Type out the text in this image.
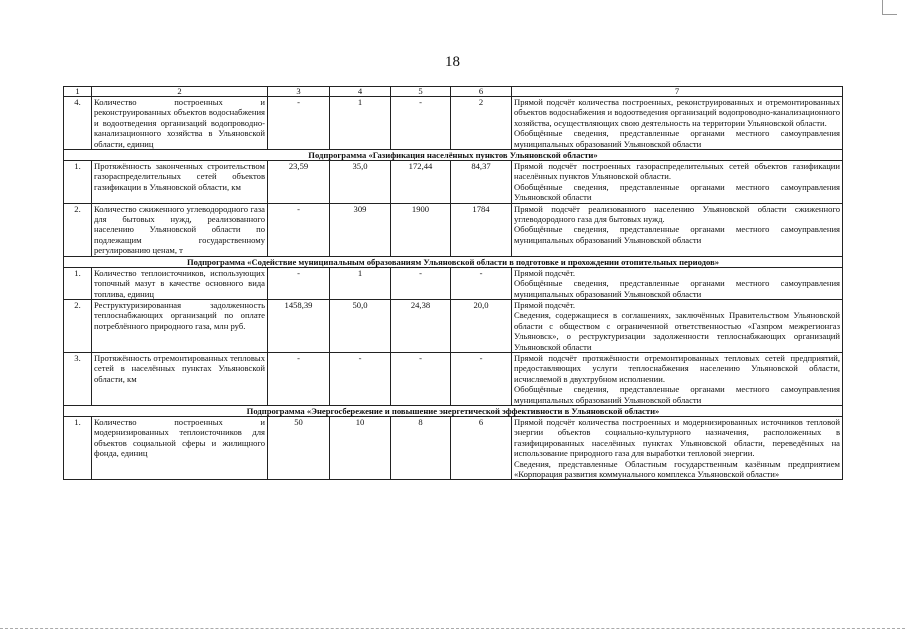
18
1	2	3	4	5	6	7
4.	Количество построенных и реконструированных объектов водоснабжения и водоотведения организаций водопроводно-канализационного хозяйства в Ульяновской области, единиц	-	1	-	2	Прямой подсчёт количества построенных, реконструированных и отремонтированных объектов водоснабжения и водоотведения организаций водопроводно-канализационного хозяйства, осуществляющих свою деятельность на территории Ульяновской области.
Обобщённые сведения, представленные органами местного самоуправления муниципальных образований Ульяновской области

Подпрограмма «Газификация населённых пунктов Ульяновской области»						
1.	Протяжённость законченных строительством газораспределительных сетей объектов газификации в Ульяновской области, км	23,59	35,0	172,44	84,37	Прямой подсчёт построенных газораспределительных сетей объектов газификации населённых пунктов Ульяновской области.
Обобщённые сведения, представленные органами местного самоуправления Ульяновской области

2.	Количество сжиженного углеводородного газа для бытовых нужд, реализованного населению Ульяновской области по подлежащим государственному регулированию ценам, т	-	309	1900	1784	Прямой подсчёт реализованного населению Ульяновской области сжиженного углеводородного газа для бытовых нужд.
Обобщённые сведения, представленные органами местного самоуправления муниципальных образований Ульяновской области

Подпрограмма «Содействие муниципальным образованиям Ульяновской области в подготовке и прохождении отопительных периодов»						
1.	Количество теплоисточников, использующих топочный мазут в качестве основного вида топлива, единиц	-	1	-	-	Прямой подсчёт.
Обобщённые сведения, представленные органами местного самоуправления муниципальных образований Ульяновской области

2.	Реструктуризированная задолженность теплоснабжающих организаций по оплате потреблённого природного газа, млн руб.	1458,39	50,0	24,38	20,0	Прямой подсчёт.
Сведения, содержащиеся в соглашениях, заключённых Правительством Ульяновской области с обществом с ограниченной ответственностью «Газпром межрегионгаз Ульяновск», о реструктуризации задолженности теплоснабжающих организаций Ульяновской области

3.	Протяжённость отремонтированных тепловых сетей в населённых пунктах Ульяновской области, км	-	-	-	-	Прямой подсчёт протяжённости отремонтированных тепловых сетей предприятий, предоставляющих услуги теплоснабжения населению Ульяновской области, исчисляемой в двухтрубном исполнении.
Обобщённые сведения, представленные органами местного самоуправления муниципальных образований Ульяновской области

Подпрограмма «Энергосбережение и повышение энергетической эффективности в Ульяновской области»						
1.	Количество построенных и модернизированных теплоисточников для объектов социальной сферы и жилищного фонда, единиц	50	10	8	6	Прямой подсчёт количества построенных и модернизированных источников тепловой энергии объектов социально-культурного назначения, расположенных в газифицированных населённых пунктах Ульяновской области, переведённых на использование природного газа для выработки тепловой энергии.
Сведения, представленные Областным государственным казённым предприятием «Корпорация развития коммунального комплекса Ульяновской области»
